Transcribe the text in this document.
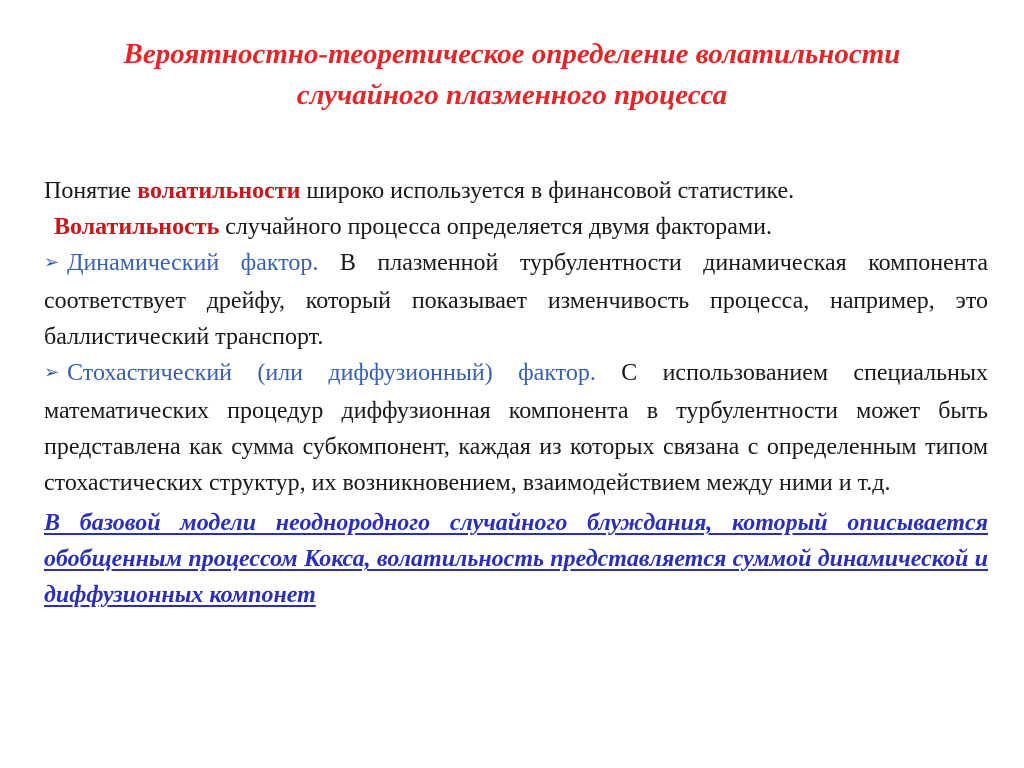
Вероятностно-теоретическое определение волатильности
случайного плазменного процесса

Понятие волатильности широко используется в финансовой статистике.

Волатильность случайного процесса определяется двумя факторами.

➢ Динамический фактор. В плазменной турбулентности динамическая компонента соответствует дрейфу, который показывает изменчивость процесса, например, это баллистический транспорт.

➢ Стохастический (или диффузионный) фактор. С использованием специальных математических процедур диффузионная компонента в турбулентности может быть   представлена как сумма субкомпонент, каждая из которых связана с определенным типом стохастических структур, их возникновением, взаимодействием между ними и т.д.

В базовой модели неоднородного случайного блуждания, который описывается обобщенным процессом Кокса, волатильность представляется суммой динамической и диффузионных компонет
